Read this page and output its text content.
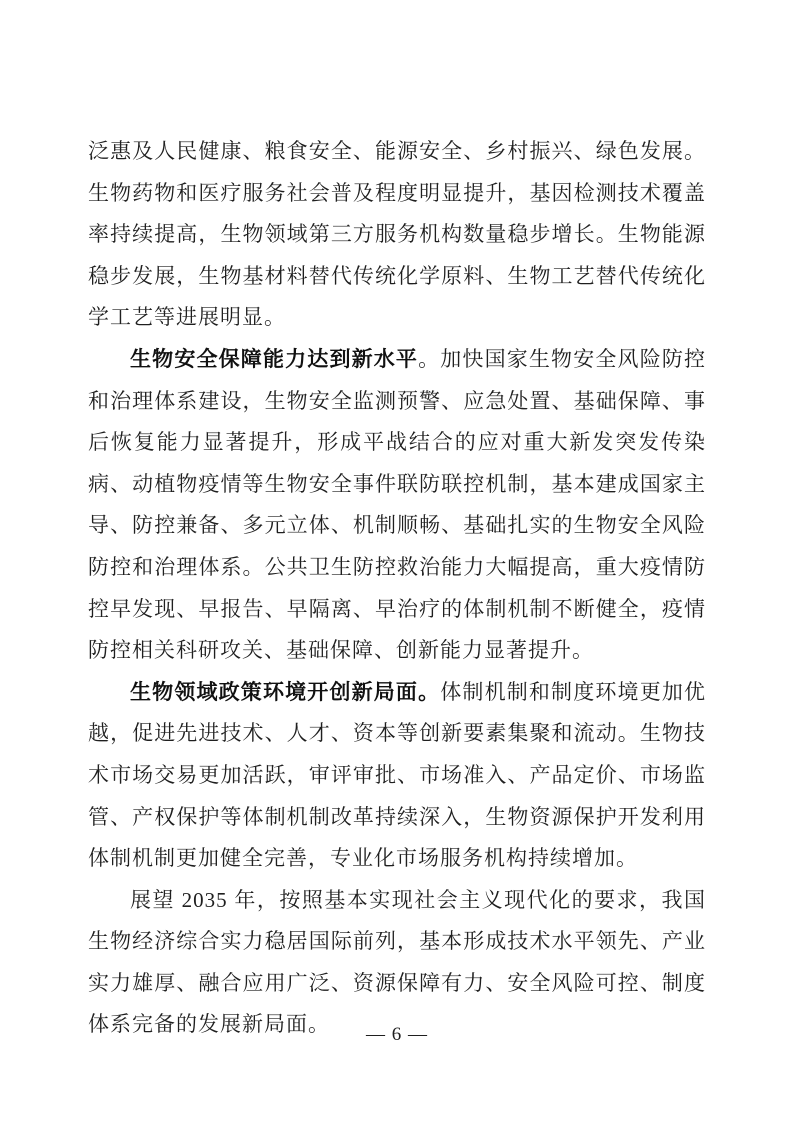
泛惠及人民健康、粮食安全、能源安全、乡村振兴、绿色发展。生物药物和医疗服务社会普及程度明显提升，基因检测技术覆盖率持续提高，生物领域第三方服务机构数量稳步增长。生物能源稳步发展，生物基材料替代传统化学原料、生物工艺替代传统化学工艺等进展明显。

生物安全保障能力达到新水平。加快国家生物安全风险防控和治理体系建设，生物安全监测预警、应急处置、基础保障、事后恢复能力显著提升，形成平战结合的应对重大新发突发传染病、动植物疫情等生物安全事件联防联控机制，基本建成国家主导、防控兼备、多元立体、机制顺畅、基础扎实的生物安全风险防控和治理体系。公共卫生防控救治能力大幅提高，重大疫情防控早发现、早报告、早隔离、早治疗的体制机制不断健全，疫情防控相关科研攻关、基础保障、创新能力显著提升。

生物领域政策环境开创新局面。体制机制和制度环境更加优越，促进先进技术、人才、资本等创新要素集聚和流动。生物技术市场交易更加活跃，审评审批、市场准入、产品定价、市场监管、产权保护等体制机制改革持续深入，生物资源保护开发利用体制机制更加健全完善，专业化市场服务机构持续增加。

展望 2035 年，按照基本实现社会主义现代化的要求，我国生物经济综合实力稳居国际前列，基本形成技术水平领先、产业实力雄厚、融合应用广泛、资源保障有力、安全风险可控、制度体系完备的发展新局面。	— 6 —
